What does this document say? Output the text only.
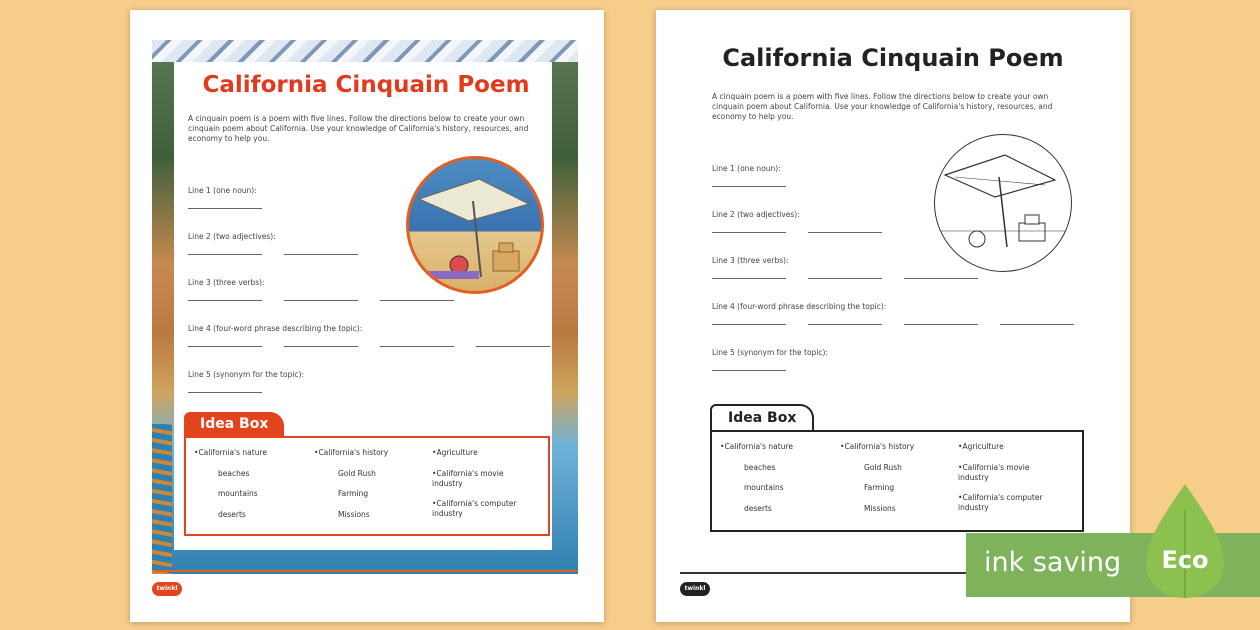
California Cinquain Poem
A cinquain poem is a poem with five lines. Follow the directions below to create your own cinquain poem about California. Use your knowledge of California's history, resources, and economy to help you.
Line 1 (one noun):
Line 2 (two adjectives):
Line 3 (three verbs):
Line 4 (four-word phrase describing the topic):
Line 5 (synonym for the topic):
Idea Box
• California's nature
beaches
mountains
deserts
• California's history
Gold Rush
Farming
Missions
• Agriculture
• California's movie industry
• California's computer industry
twinkl
California Cinquain Poem
A cinquain poem is a poem with five lines. Follow the directions below to create your own cinquain poem about California. Use your knowledge of California's history, resources, and economy to help you.
Line 1 (one noun):
Line 2 (two adjectives):
Line 3 (three verbs):
Line 4 (four-word phrase describing the topic):
Line 5 (synonym for the topic):
Idea Box
• California's nature
beaches
mountains
deserts
• California's history
Gold Rush
Farming
Missions
• Agriculture
• California's movie industry
• California's computer industry
twinkl
ink saving Eco
